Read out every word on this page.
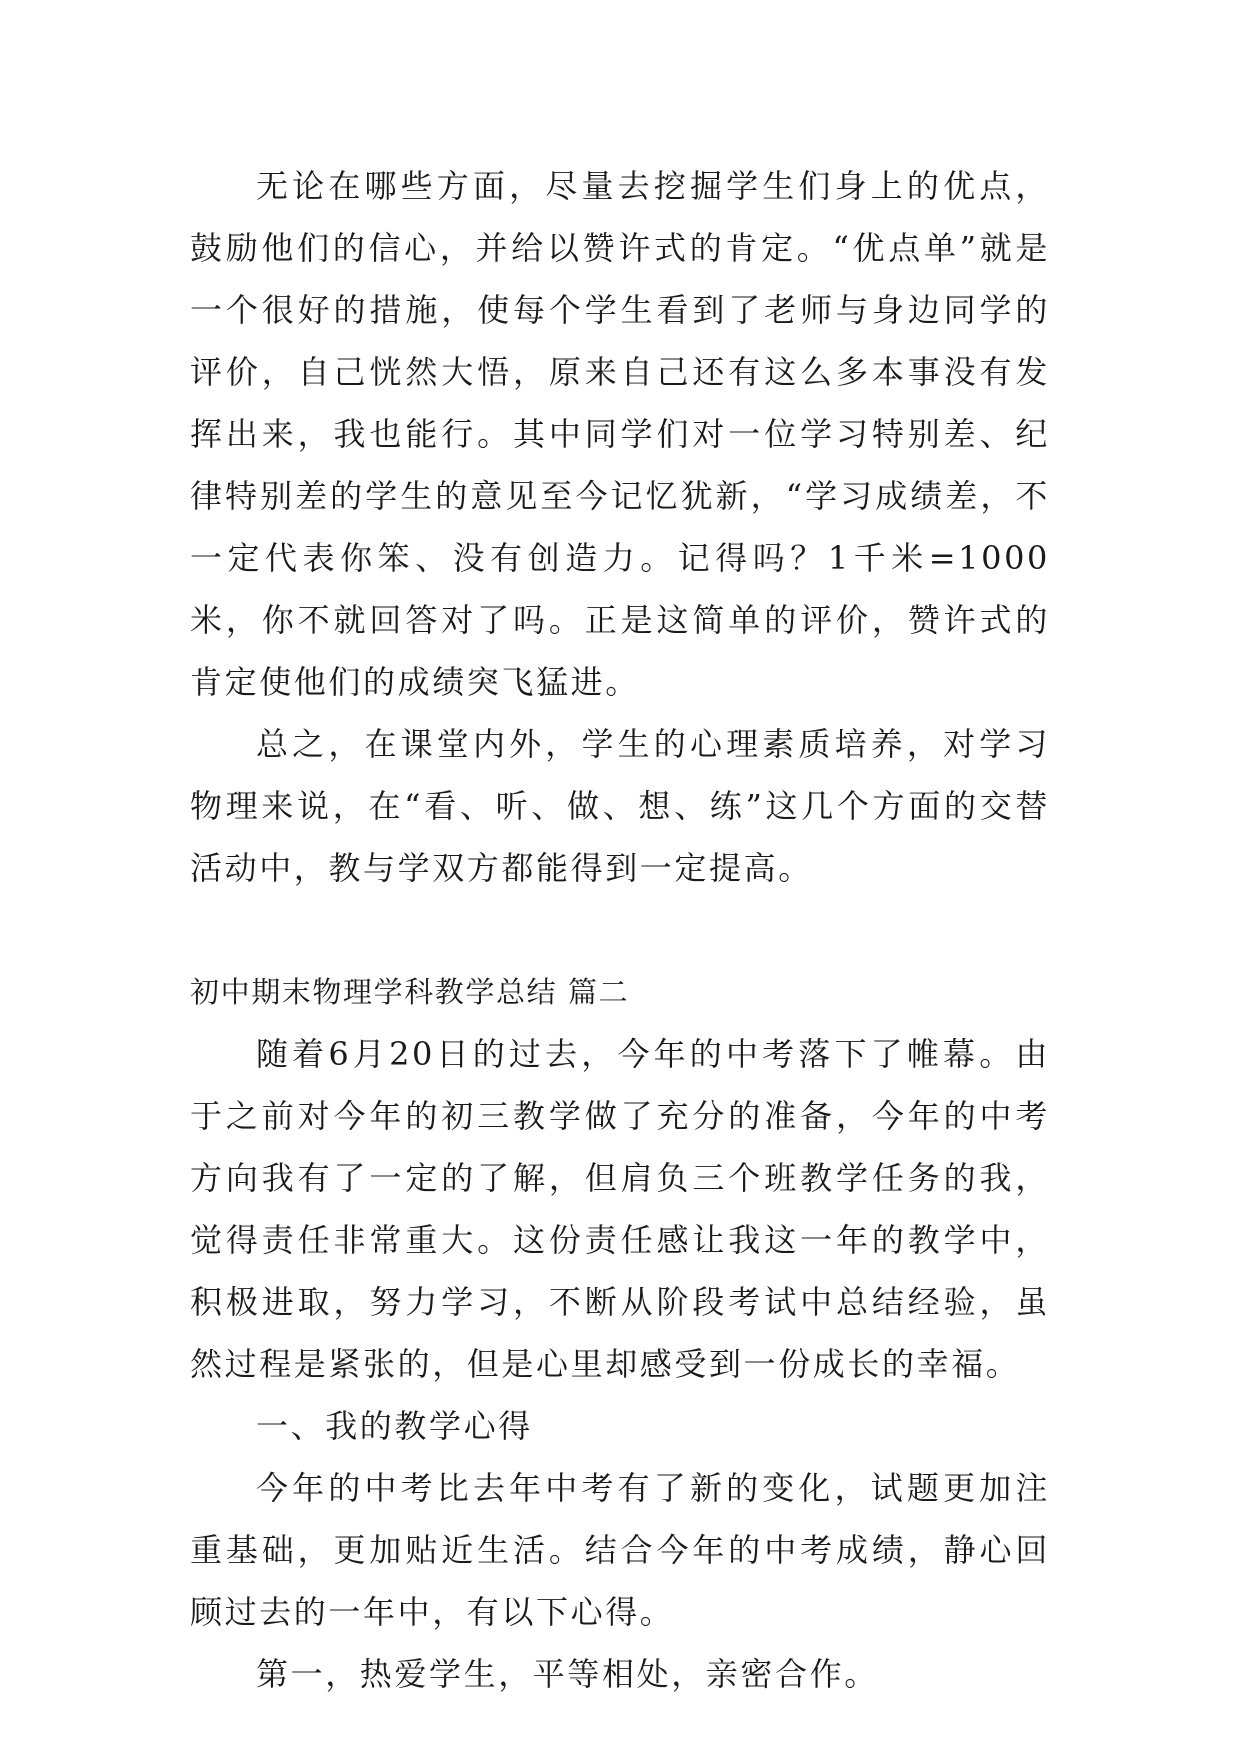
无论在哪些方面，尽量去挖掘学生们身上的优点，鼓励他们的信心，并给以赞许式的肯定。“优点单”就是一个很好的措施，使每个学生看到了老师与身边同学的评价，自己恍然大悟，原来自己还有这么多本事没有发挥出来，我也能行。其中同学们对一位学习特别差、纪律特别差的学生的意见至今记忆犹新，“学习成绩差，不一定代表你笨、没有创造力。记得吗？1千米=1000米，你不就回答对了吗。正是这简单的评价，赞许式的肯定使他们的成绩突飞猛进。

总之，在课堂内外，学生的心理素质培养，对学习物理来说，在“看、听、做、想、练”这几个方面的交替活动中，教与学双方都能得到一定提高。

初中期末物理学科教学总结 篇二

随着6月20日的过去，今年的中考落下了帷幕。由于之前对今年的初三教学做了充分的准备，今年的中考方向我有了一定的了解，但肩负三个班教学任务的我，觉得责任非常重大。这份责任感让我这一年的教学中，积极进取，努力学习，不断从阶段考试中总结经验，虽然过程是紧张的，但是心里却感受到一份成长的幸福。

一、我的教学心得

今年的中考比去年中考有了新的变化，试题更加注重基础，更加贴近生活。结合今年的中考成绩，静心回顾过去的一年中，有以下心得。

第一，热爱学生，平等相处，亲密合作。
